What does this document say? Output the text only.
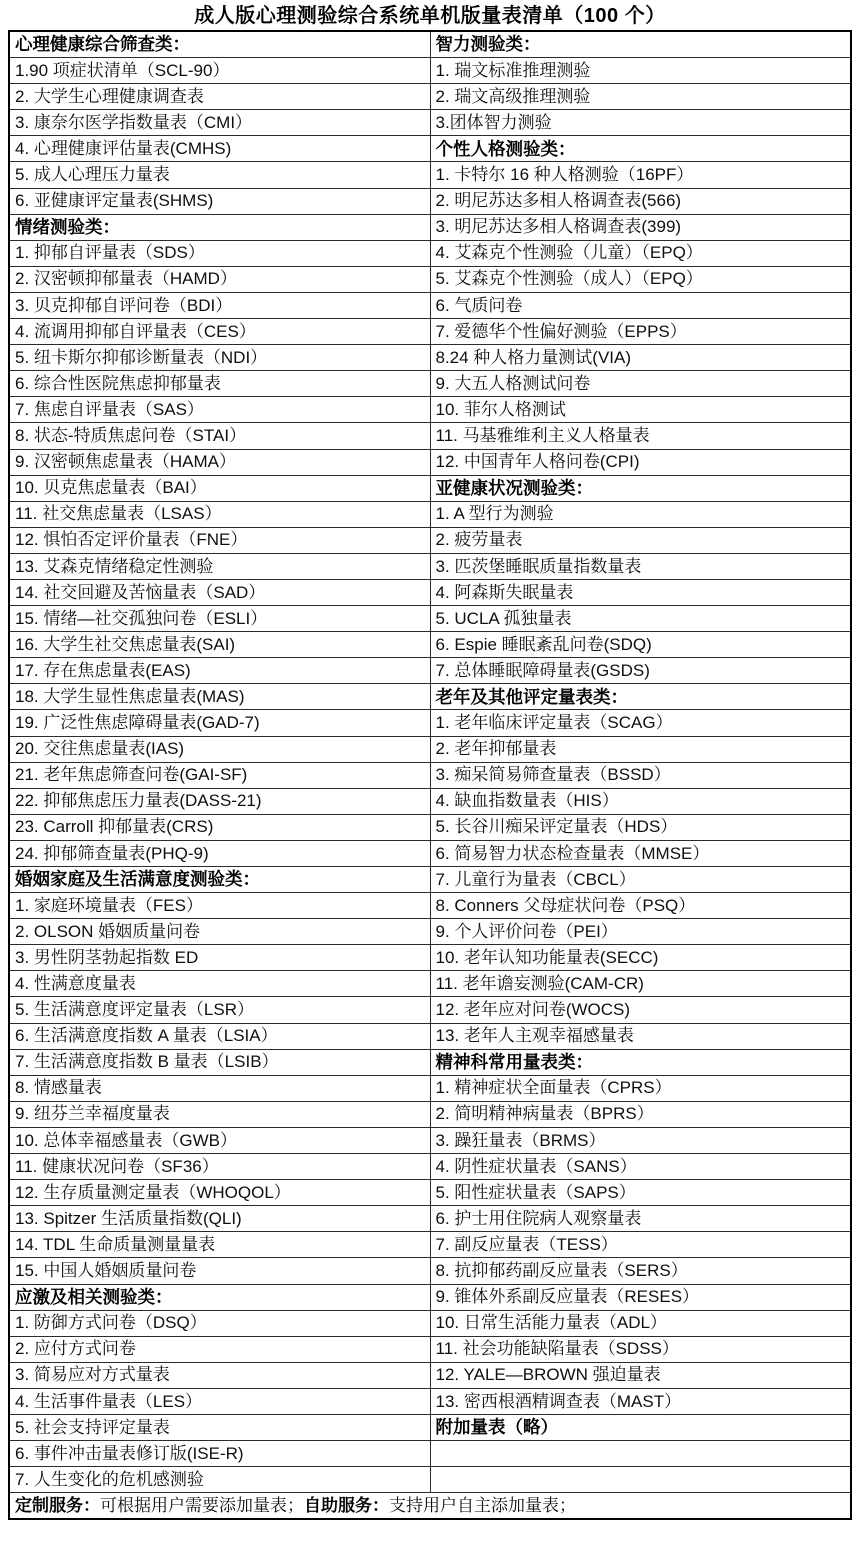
成人版心理测验综合系统单机版量表清单（100 个）
心理健康综合筛查类：	智力测验类：
1.90 项症状清单（SCL-90）	1. 瑞文标准推理测验
2. 大学生心理健康调查表	2. 瑞文高级推理测验
3. 康奈尔医学指数量表（CMI）	3.团体智力测验
4. 心理健康评估量表(CMHS)	个性人格测验类：
5. 成人心理压力量表	1. 卡特尔 16 种人格测验（16PF）
6. 亚健康评定量表(SHMS)	2. 明尼苏达多相人格调查表(566)
情绪测验类：	3. 明尼苏达多相人格调查表(399)
1. 抑郁自评量表（SDS）	4. 艾森克个性测验（儿童）（EPQ）
2. 汉密顿抑郁量表（HAMD）	5. 艾森克个性测验（成人）（EPQ）
3. 贝克抑郁自评问卷（BDI）	6. 气质问卷
4. 流调用抑郁自评量表（CES）	7. 爱德华个性偏好测验（EPPS）
5. 纽卡斯尔抑郁诊断量表（NDI）	8.24 种人格力量测试(VIA)
6. 综合性医院焦虑抑郁量表	9. 大五人格测试问卷
7. 焦虑自评量表（SAS）	10. 菲尔人格测试
8. 状态-特质焦虑问卷（STAI）	11. 马基雅维利主义人格量表
9. 汉密顿焦虑量表（HAMA）	12. 中国青年人格问卷(CPI)
10. 贝克焦虑量表（BAI）	亚健康状况测验类：
11. 社交焦虑量表（LSAS）	1. A 型行为测验
12. 惧怕否定评价量表（FNE）	2. 疲劳量表
13. 艾森克情绪稳定性测验	3. 匹茨堡睡眠质量指数量表
14. 社交回避及苦恼量表（SAD）	4. 阿森斯失眠量表
15. 情绪—社交孤独问卷（ESLI）	5. UCLA 孤独量表
16. 大学生社交焦虑量表(SAI)	6. Espie 睡眠紊乱问卷(SDQ)
17. 存在焦虑量表(EAS)	7. 总体睡眠障碍量表(GSDS)
18. 大学生显性焦虑量表(MAS)	老年及其他评定量表类：
19. 广泛性焦虑障碍量表(GAD-7)	1. 老年临床评定量表（SCAG）
20. 交往焦虑量表(IAS)	2. 老年抑郁量表
21. 老年焦虑筛查问卷(GAI-SF)	3. 痴呆简易筛查量表（BSSD）
22. 抑郁焦虑压力量表(DASS-21)	4. 缺血指数量表（HIS）
23. Carroll 抑郁量表(CRS)	5. 长谷川痴呆评定量表（HDS）
24. 抑郁筛查量表(PHQ-9)	6. 简易智力状态检查量表（MMSE）
婚姻家庭及生活满意度测验类：	7. 儿童行为量表（CBCL）
1. 家庭环境量表（FES）	8. Conners 父母症状问卷（PSQ）
2. OLSON 婚姻质量问卷	9. 个人评价问卷（PEI）
3. 男性阴茎勃起指数 ED	10. 老年认知功能量表(SECC)
4. 性满意度量表	11. 老年谵妄测验(CAM-CR)
5. 生活满意度评定量表（LSR）	12. 老年应对问卷(WOCS)
6. 生活满意度指数 A 量表（LSIA）	13. 老年人主观幸福感量表
7. 生活满意度指数 B 量表（LSIB）	精神科常用量表类：
8. 情感量表	1. 精神症状全面量表（CPRS）
9. 纽芬兰幸福度量表	2. 简明精神病量表（BPRS）
10. 总体幸福感量表（GWB）	3. 躁狂量表（BRMS）
11. 健康状况问卷（SF36）	4. 阴性症状量表（SANS）
12. 生存质量测定量表（WHOQOL）	5. 阳性症状量表（SAPS）
13. Spitzer 生活质量指数(QLI)	6. 护士用住院病人观察量表
14. TDL 生命质量测量量表	7. 副反应量表（TESS）
15. 中国人婚姻质量问卷	8. 抗抑郁药副反应量表（SERS）
应激及相关测验类：	9. 锥体外系副反应量表（RESES）
1. 防御方式问卷（DSQ）	10. 日常生活能力量表（ADL）
2. 应付方式问卷	11. 社会功能缺陷量表（SDSS）
3. 简易应对方式量表	12. YALE—BROWN 强迫量表
4. 生活事件量表（LES）	13. 密西根酒精调查表（MAST）
5. 社会支持评定量表	附加量表（略）
6. 事件冲击量表修订版(ISE-R)	
7. 人生变化的危机感测验	
定制服务：可根据用户需要添加量表；自助服务：支持用户自主添加量表；	
